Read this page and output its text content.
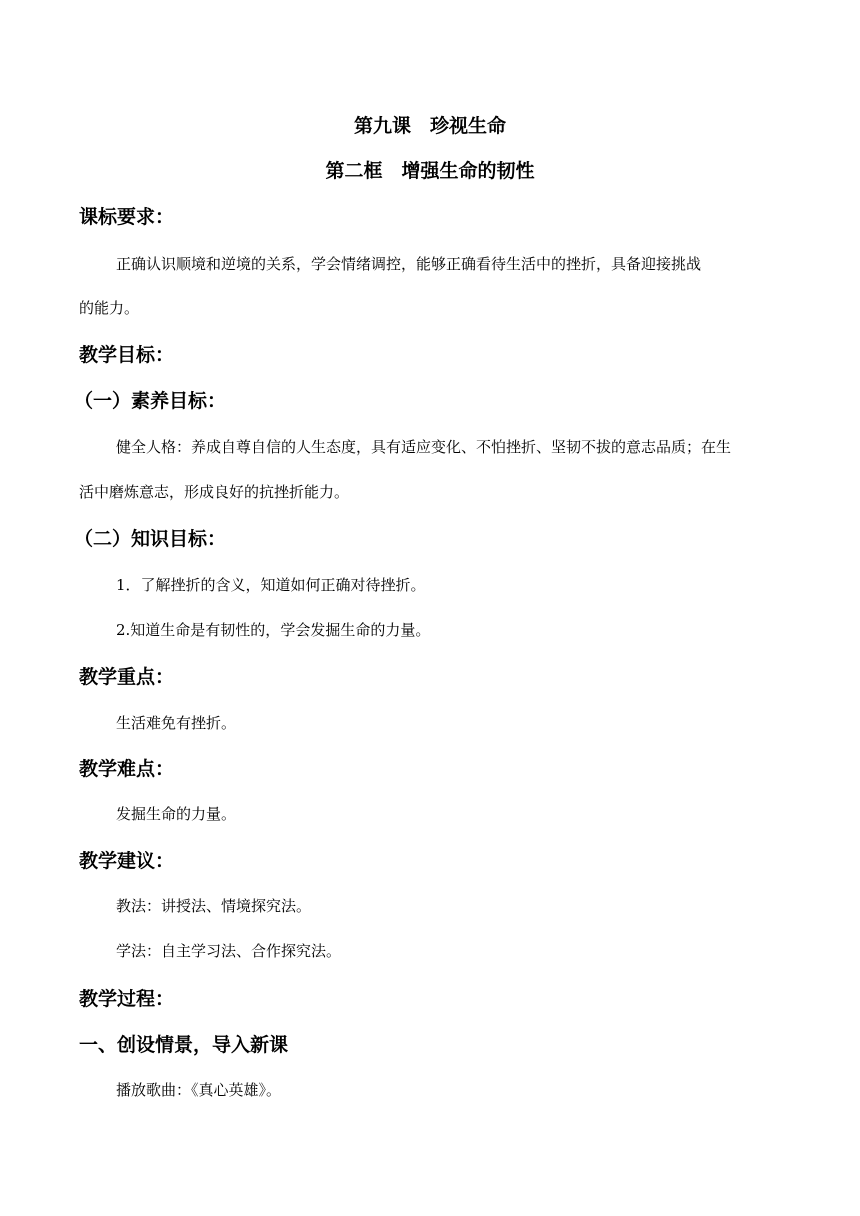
第九课　珍视生命
第二框　增强生命的韧性
课标要求：
正确认识顺境和逆境的关系，学会情绪调控，能够正确看待生活中的挫折，具备迎接挑战
的能力。
教学目标：
（一）素养目标：
健全人格：养成自尊自信的人生态度，具有适应变化、不怕挫折、坚韧不拔的意志品质；在生
活中磨炼意志，形成良好的抗挫折能力。
（二）知识目标：
1．了解挫折的含义，知道如何正确对待挫折。
2.知道生命是有韧性的，学会发掘生命的力量。
教学重点：
生活难免有挫折。
教学难点：
发掘生命的力量。
教学建议：
教法：讲授法、情境探究法。
学法：自主学习法、合作探究法。
教学过程：
一、创设情景，导入新课
播放歌曲：《真心英雄》。
